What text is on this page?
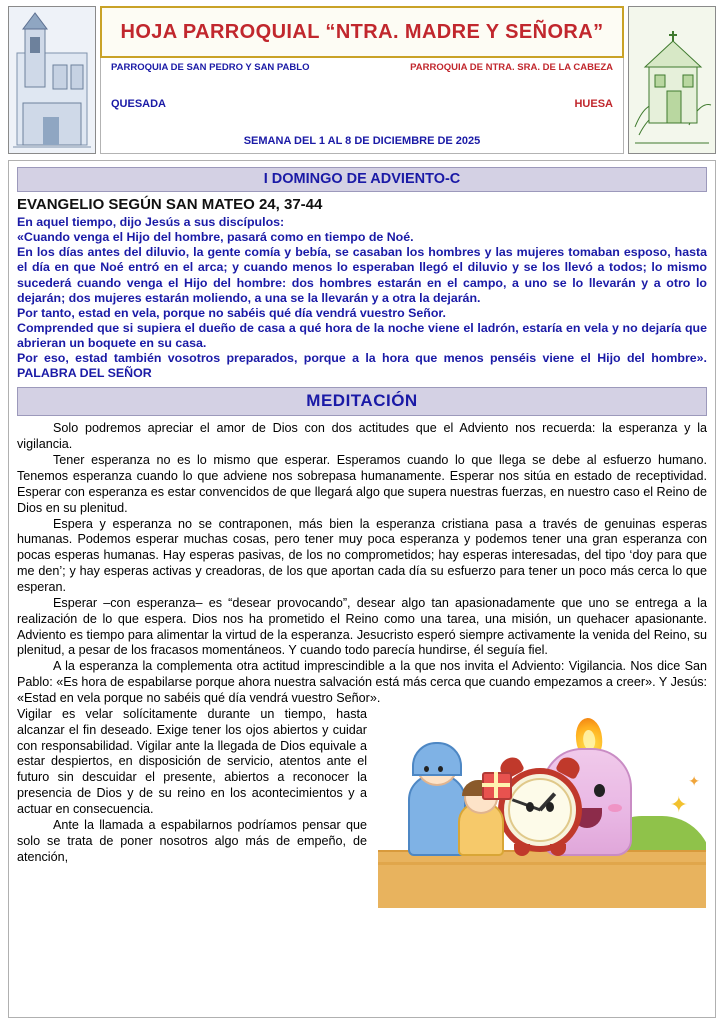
HOJA PARROQUIAL “NTRA. MADRE Y SEÑORA”
PARROQUIA DE SAN PEDRO Y SAN PABLO	PARROQUIA DE NTRA. SRA. DE LA CABEZA
QUESADA	HUESA
SEMANA DEL 1 AL 8 DE DICIEMBRE DE 2025
I DOMINGO DE ADVIENTO-C
EVANGELIO SEGÚN SAN MATEO 24, 37-44

En aquel tiempo, dijo Jesús a sus discípulos:

«Cuando venga el Hijo del hombre, pasará como en tiempo de Noé.

En los días antes del diluvio, la gente comía y bebía, se casaban los hombres y las mujeres tomaban esposo, hasta el día en que Noé entró en el arca; y cuando menos lo esperaban llegó el diluvio y se los llevó a todos; lo mismo sucederá cuando venga el Hijo del hombre: dos hombres estarán en el campo, a uno se lo llevarán y a otro lo dejarán; dos mujeres estarán moliendo, a una se la llevarán y a otra la dejarán.

Por tanto, estad en vela, porque no sabéis qué día vendrá vuestro Señor.

Comprended que si supiera el dueño de casa a qué hora de la noche viene el ladrón, estaría en vela y no dejaría que abrieran un boquete en su casa.

Por eso, estad también vosotros preparados, porque a la hora que menos penséis viene el Hijo del hombre». PALABRA DEL SEÑOR

MEDITACIÓN

Solo podremos apreciar el amor de Dios con dos actitudes que el Adviento nos recuerda: la esperanza y la vigilancia.

Tener esperanza no es lo mismo que esperar. Esperamos cuando lo que llega se debe al esfuerzo humano. Tenemos esperanza cuando lo que adviene nos sobrepasa humanamente. Esperar nos sitúa en estado de receptividad. Esperar con esperanza es estar convencidos de que llegará algo que supera nuestras fuerzas, en nuestro caso el Reino de Dios en su plenitud.

Espera y esperanza no se contraponen, más bien la esperanza cristiana pasa a través de genuinas esperas humanas. Podemos esperar muchas cosas, pero tener muy poca esperanza y podemos tener una gran esperanza con pocas esperas humanas. Hay esperas pasivas, de los no comprometidos; hay esperas interesadas, del tipo ‘doy para que me den’; y hay esperas activas y creadoras, de los que aportan cada día su esfuerzo para tener un poco más cerca lo que esperan.

Esperar –con esperanza– es “desear provocando”, desear algo tan apasionadamente que uno se entrega a la realización de lo que espera. Dios nos ha prometido el Reino como una tarea, una misión, un quehacer apasionante. Adviento es tiempo para alimentar la virtud de la esperanza. Jesucristo esperó siempre activamente la venida del Reino, su plenitud, a pesar de los fracasos momentáneos. Y cuando todo parecía hundirse, él seguía fiel.

A la esperanza la complementa otra actitud imprescindible a la que nos invita el Adviento: Vigilancia. Nos dice San Pablo: «Es hora de espabilarse porque ahora nuestra salvación está más cerca que cuando empezamos a creer». Y Jesús: «Estad en vela porque no sabéis qué día vendrá vuestro Señor».

✦
✦

Vigilar es velar solícitamente durante un tiempo, hasta alcanzar el fin deseado. Exige tener los ojos abiertos y cuidar con responsabilidad. Vigilar ante la llegada de Dios equivale a estar despiertos, en disposición de servicio, atentos ante el futuro sin descuidar el presente, abiertos a reconocer la presencia de Dios y de su reino en los acontecimientos y a actuar en consecuencia.

Ante la llamada a espabilarnos podríamos pensar que solo se trata de poner nosotros algo más de empeño, de atención,
